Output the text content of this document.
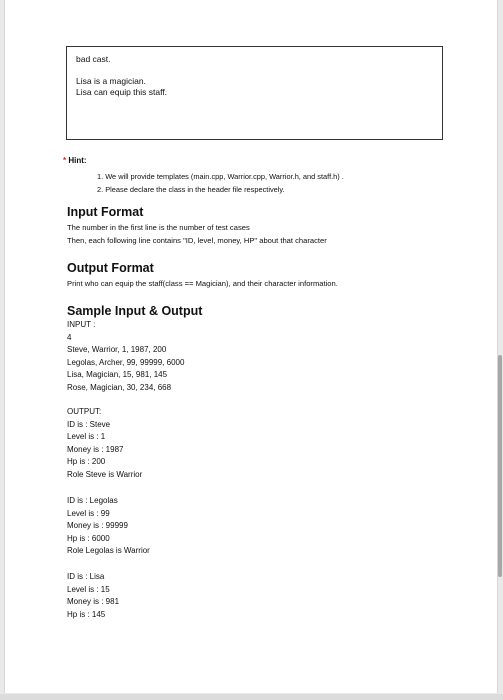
bad cast.
Lisa is a magician.
Lisa can equip this staff.
* Hint:
1. We will provide templates (main.cpp, Warrior.cpp, Warrior.h, and staff.h) .
2. Please declare the class in the header file respectively.
Input Format
The number in the first line is the number of test cases
Then, each following line contains "ID, level, money, HP" about that character
Output Format
Print who can equip the staff(class == Magician), and their character information.
Sample Input & Output
INPUT :
4
Steve, Warrior, 1, 1987, 200
Legolas, Archer, 99, 99999, 6000
Lisa, Magician, 15, 981, 145
Rose, Magician, 30, 234, 668
OUTPUT:
ID is : Steve
Level is : 1
Money is : 1987
Hp is : 200
Role Steve is Warrior
ID is : Legolas
Level is : 99
Money is : 99999
Hp is : 6000
Role Legolas is Warrior
ID is : Lisa
Level is : 15
Money is : 981
Hp is : 145
